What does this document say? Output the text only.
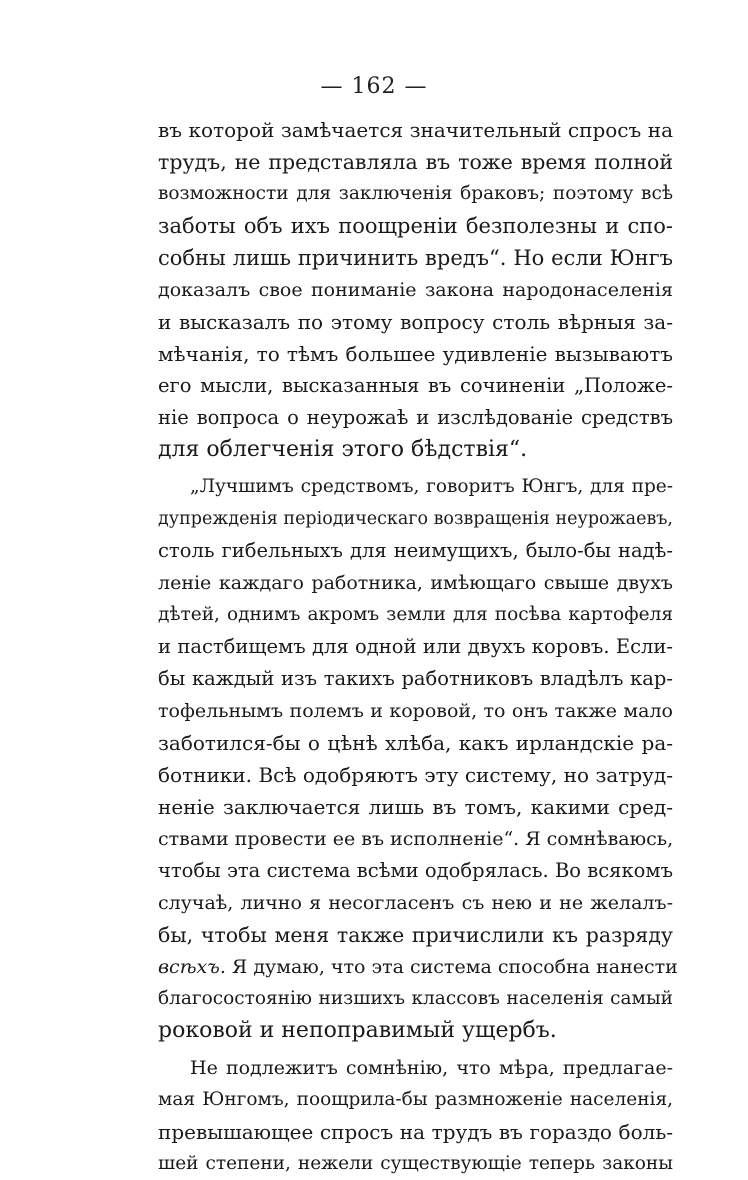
— 162 —
въ которой замѣчается значительный спросъ на
трудъ, не представляла въ тоже время полной
возможности для заключенія браковъ; поэтому всѣ
заботы объ ихъ поощреніи безполезны и спо-
собны лишь причинить вредъ“. Но если Юнгъ
доказалъ свое пониманіе закона народонаселенія
и высказалъ по этому вопросу столь вѣрныя за-
мѣчанія, то тѣмъ большее удивленіе вызываютъ
его мысли, высказанныя въ сочиненіи „Положе-
ніе вопроса о неурожаѣ и изслѣдованіе средствъ
для облегченія этого бѣдствія“.
„Лучшимъ средствомъ, говоритъ Юнгъ, для пре-
дупрежденія періодическаго возвращенія неурожаевъ,
столь гибельныхъ для неимущихъ, было-бы надѣ-
леніе каждаго работника, имѣющаго свыше двухъ
дѣтей, однимъ акромъ земли для посѣва картофеля
и пастбищемъ для одной или двухъ коровъ. Если-
бы каждый изъ такихъ работниковъ владѣлъ кар-
тофельнымъ полемъ и коровой, то онъ также мало
заботился-бы о цѣнѣ хлѣба, какъ ирландскіе ра-
ботники. Всѣ одобряютъ эту систему, но затруд-
неніе заключается лишь въ томъ, какими сред-
ствами провести ее въ исполненіе“. Я сомнѣваюсь,
чтобы эта система всѣми одобрялась. Во всякомъ
случаѣ, лично я несогласенъ съ нею и не желалъ-
бы, чтобы меня также причислили къ разряду
всѣхъ. Я думаю, что эта система способна нанести
благосостоянію низшихъ классовъ населенія самый
роковой и непоправимый ущербъ.
Не подлежитъ сомнѣнію, что мѣра, предлагае-
мая Юнгомъ, поощрила-бы размноженіе населенія,
превышающее спросъ на трудъ въ гораздо боль-
шей степени, нежели существующіе теперь законы
